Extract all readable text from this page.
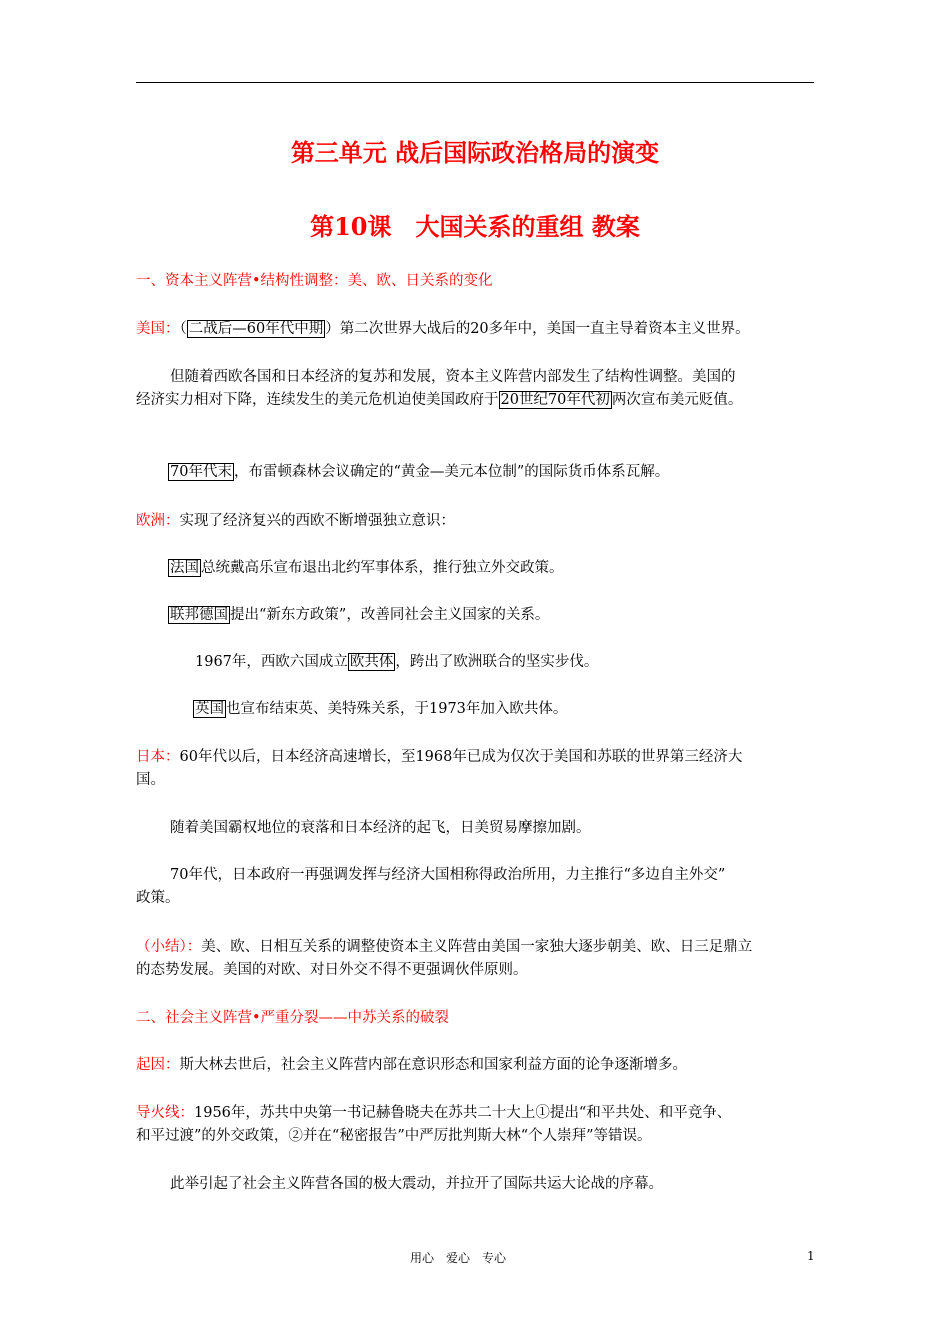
第三单元 战后国际政治格局的演变
第10课　大国关系的重组 教案
一、资本主义阵营•结构性调整：美、欧、日关系的变化
美国：（ 二战后—60年代中期 ）第二次世界大战后的20多年中，美国一直主导着资本主义世界。
但随着西欧各国和日本经济的复苏和发展，资本主义阵营内部发生了结构性调整。美国的
经济实力相对下降，连续发生的美元危机迫使美国政府于 20世纪70年代初 两次宣布美元贬值。
70年代末 ，布雷顿森林会议确定的“黄金—美元本位制”的国际货币体系瓦解。
欧洲：实现了经济复兴的西欧不断增强独立意识：
法国 总统戴高乐宣布退出北约军事体系，推行独立外交政策。
联邦德国 提出“新东方政策”，改善同社会主义国家的关系。
1967年，西欧六国成立 欧共体 ，跨出了欧洲联合的坚实步伐。
英国 也宣布结束英、美特殊关系，于1973年加入欧共体。
日本：60年代以后，日本经济高速增长，至1968年已成为仅次于美国和苏联的世界第三经济大
国。
随着美国霸权地位的衰落和日本经济的起飞，日美贸易摩擦加剧。
70年代，日本政府一再强调发挥与经济大国相称得政治所用，力主推行“多边自主外交”
政策。
（小结）：美、欧、日相互关系的调整使资本主义阵营由美国一家独大逐步朝美、欧、日三足鼎立
的态势发展。美国的对欧、对日外交不得不更强调伙伴原则。
二、社会主义阵营•严重分裂——中苏关系的破裂
起因：斯大林去世后，社会主义阵营内部在意识形态和国家利益方面的论争逐渐增多。
导火线：1956年，苏共中央第一书记赫鲁晓夫在苏共二十大上①提出“和平共处、和平竞争、
和平过渡”的外交政策，②并在“秘密报告”中严厉批判斯大林“个人崇拜”等错误。
此举引起了社会主义阵营各国的极大震动，并拉开了国际共运大论战的序幕。
用心　爱心　专心	1
